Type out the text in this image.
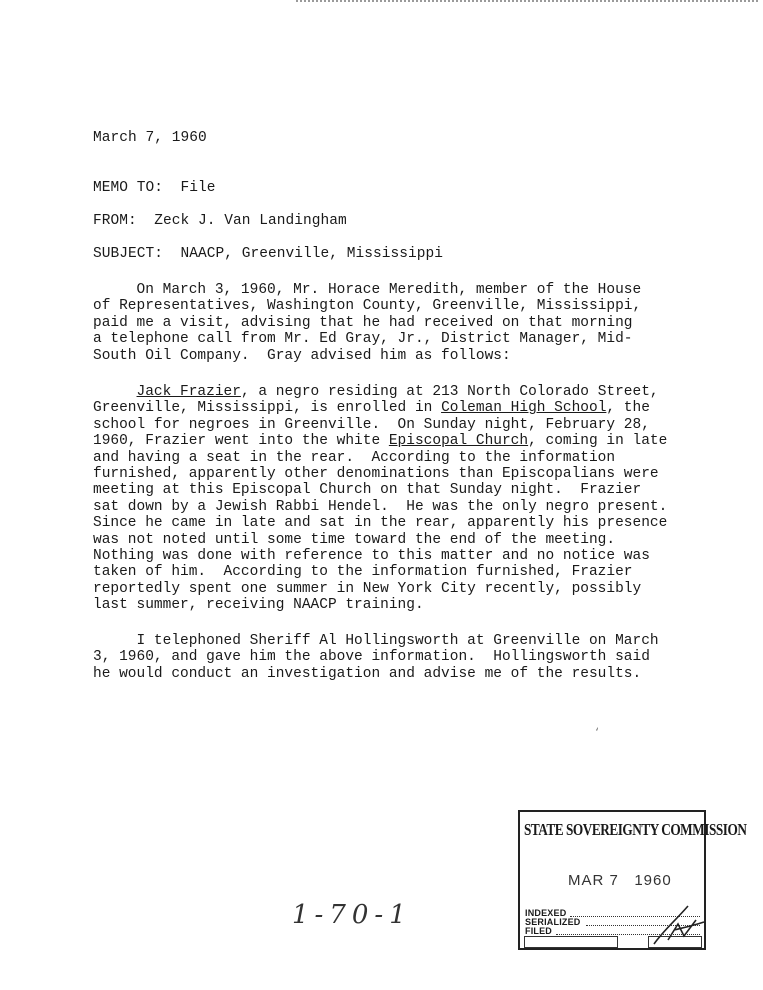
March 7, 1960
MEMO TO:  File
FROM:  Zeck J. Van Landingham
SUBJECT:  NAACP, Greenville, Mississippi
On March 3, 1960, Mr. Horace Meredith, member of the House
of Representatives, Washington County, Greenville, Mississippi,
paid me a visit, advising that he had received on that morning
a telephone call from Mr. Ed Gray, Jr., District Manager, Mid-
South Oil Company.  Gray advised him as follows:
Jack Frazier, a negro residing at 213 North Colorado Street,
Greenville, Mississippi, is enrolled in Coleman High School, the
school for negroes in Greenville.  On Sunday night, February 28,
1960, Frazier went into the white Episcopal Church, coming in late
and having a seat in the rear.  According to the information
furnished, apparently other denominations than Episcopalians were
meeting at this Episcopal Church on that Sunday night.  Frazier
sat down by a Jewish Rabbi Hendel.  He was the only negro present.
Since he came in late and sat in the rear, apparently his presence
was not noted until some time toward the end of the meeting.
Nothing was done with reference to this matter and no notice was
taken of him.  According to the information furnished, Frazier
reportedly spent one summer in New York City recently, possibly
last summer, receiving NAACP training.
I telephoned Sheriff Al Hollingsworth at Greenville on March
3, 1960, and gave him the above information.  Hollingsworth said
he would conduct an investigation and advise me of the results.
‘
STATE SOVEREIGNTY COMMISSION
MAR 7   1960
INDEXED
SERIALIZED
FILED
1-70-1
